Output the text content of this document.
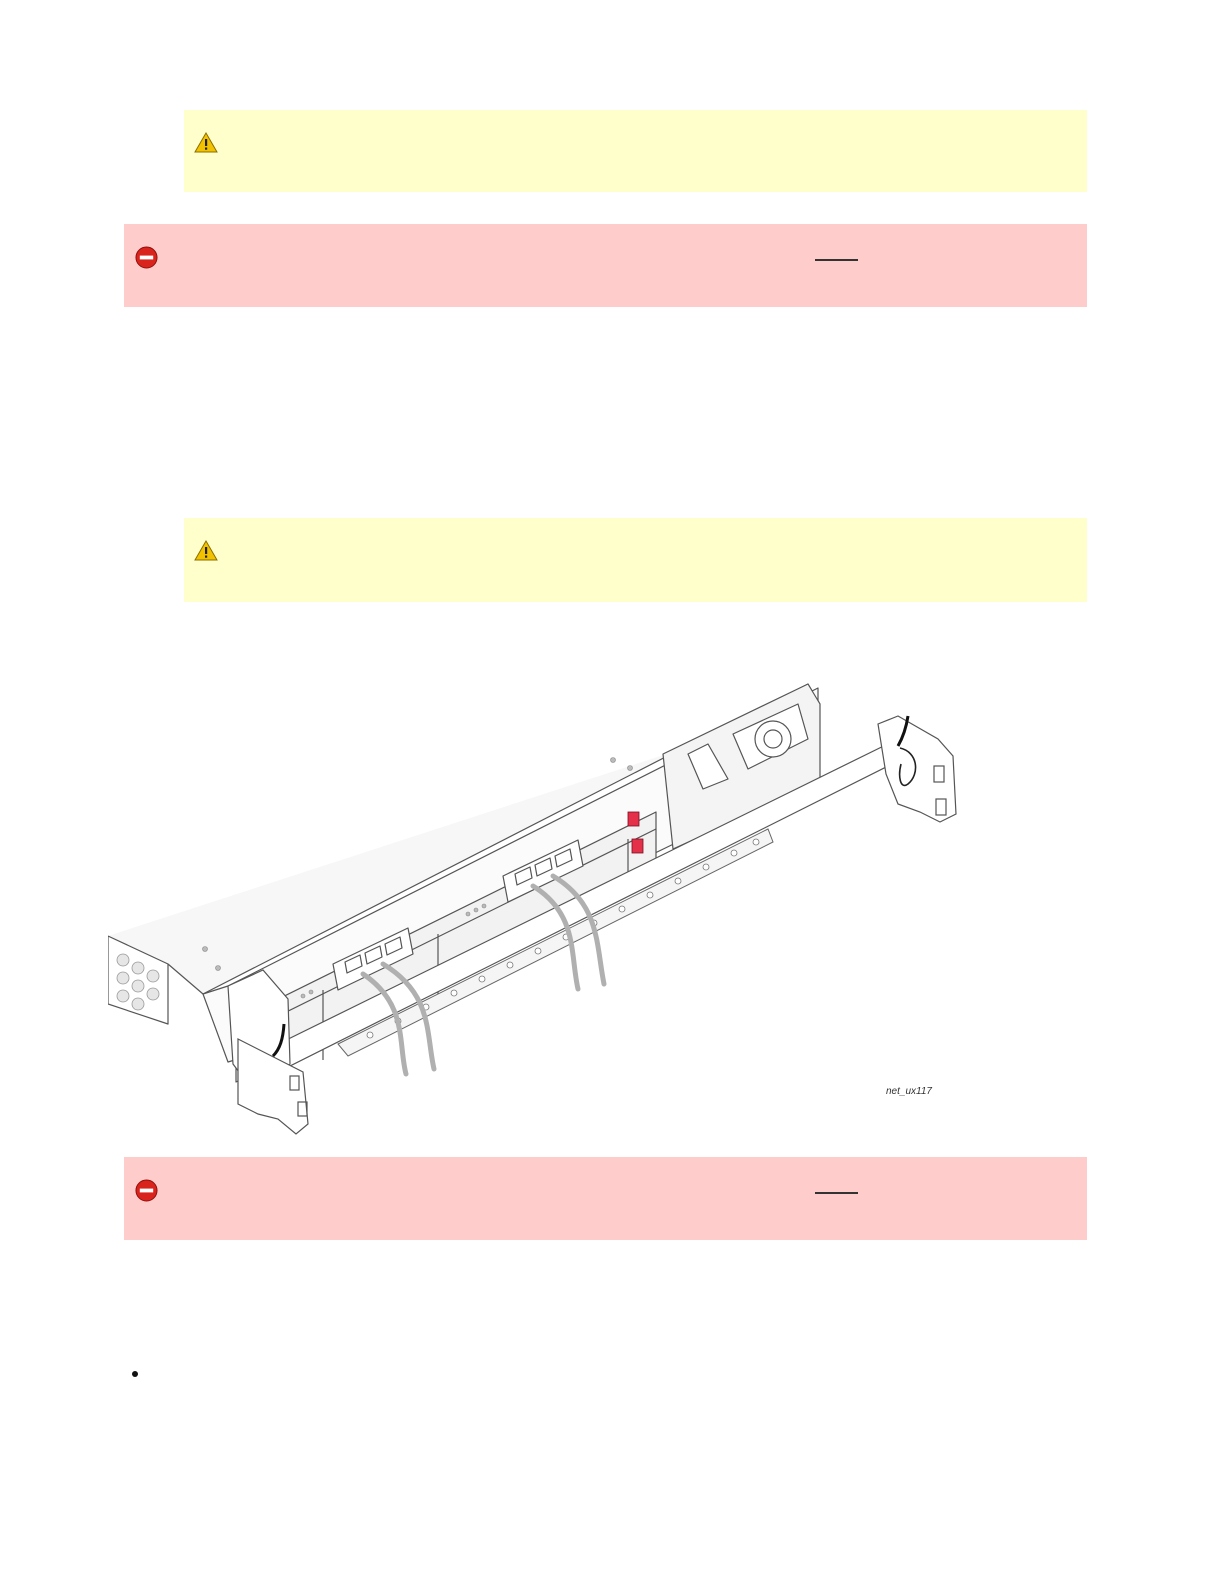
net_ux117
